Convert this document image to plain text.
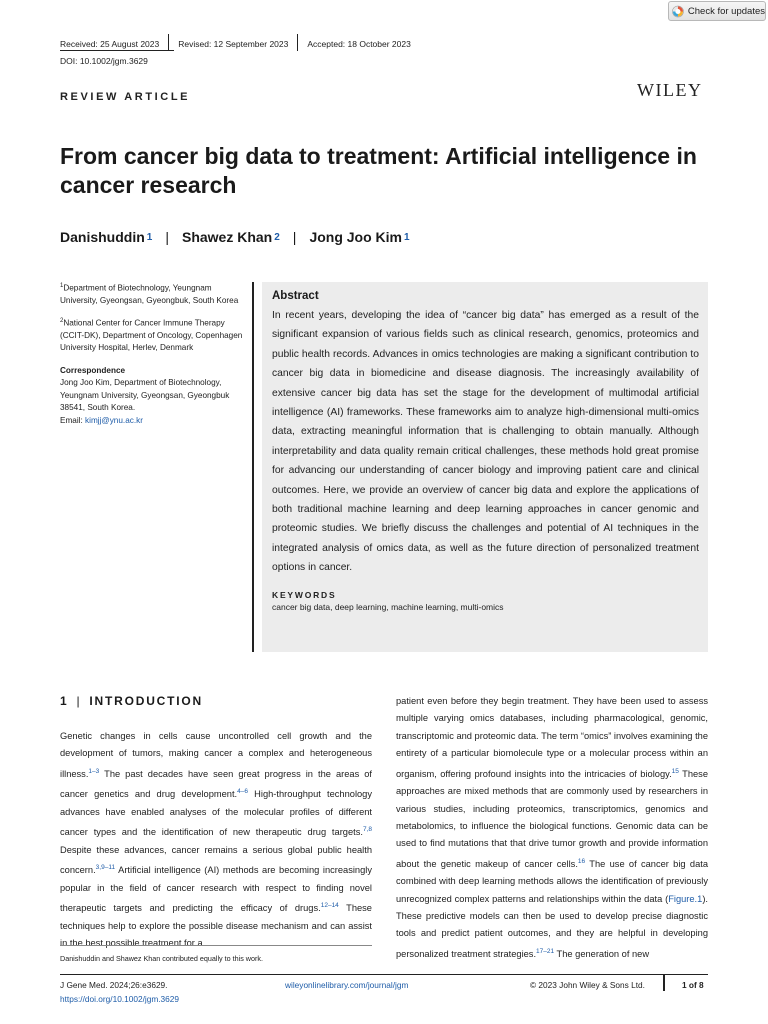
Check for updates
Received: 25 August 2023	Revised: 12 September 2023	Accepted: 18 October 2023
DOI: 10.1002/jgm.3629
REVIEW ARTICLE	WILEY
From cancer big data to treatment: Artificial intelligence in cancer research
Danishuddin$^1$ | Shawez Khan$^2$ | Jong Joo Kim$^1$

$^1$Department of Biotechnology, Yeungnam University, Gyeongsan, Gyeongbuk, South Korea

$^2$National Center for Cancer Immune Therapy (CCIT-DK), Department of Oncology, Copenhagen University Hospital, Herlev, Denmark

Correspondence

Jong Joo Kim, Department of Biotechnology, Yeungnam University, Gyeongsan, Gyeongbuk 38541, South Korea.
Email: kimjj@ynu.ac.kr

Abstract

In recent years, developing the idea of “cancer big data” has emerged as a result of the significant expansion of various fields such as clinical research, genomics, proteomics and public health records. Advances in omics technologies are making a significant contribution to cancer big data in biomedicine and disease diagnosis. The increasingly availability of extensive cancer big data has set the stage for the development of multimodal artificial intelligence (AI) frameworks. These frameworks aim to analyze high-dimensional multi-omics data, extracting meaningful information that is challenging to obtain manually. Although interpretability and data quality remain critical challenges, these methods hold great promise for advancing our understanding of cancer biology and improving patient care and clinical outcomes. Here, we provide an overview of cancer big data and explore the applications of both traditional machine learning and deep learning approaches in cancer genomic and proteomic studies. We briefly discuss the challenges and potential of AI techniques in the integrated analysis of omics data, as well as the future direction of personalized treatment options in cancer.

KEYWORDS

cancer big data, deep learning, machine learning, multi-omics

1 | INTRODUCTION

Genetic changes in cells cause uncontrolled cell growth and the development of tumors, making cancer a complex and heterogeneous illness.$^{1-3}$ The past decades have seen great progress in the areas of cancer genetics and drug development.$^{4-6}$ High-throughput technology advances have enabled analyses of the molecular profiles of different cancer types and the identification of new therapeutic drug targets.$^{7,8}$ Despite these advances, cancer remains a serious global public health concern.$^{3,9-11}$ Artificial intelligence (AI) methods are becoming increasingly popular in the field of cancer research with respect to finding novel therapeutic targets and predicting the efficacy of drugs.$^{12-14}$ These techniques help to explore the possible disease mechanism and can assist in the best possible treatment for a

patient even before they begin treatment. They have been used to assess multiple varying omics databases, including pharmacological, genomic, transcriptomic and proteomic data. The term “omics” involves examining the entirety of a particular biomolecule type or a molecular process within an organism, offering profound insights into the intricacies of biology.$^{15}$ These approaches are mixed methods that are commonly used by researchers in various studies, including proteomics, transcriptomics, genomics and metabolomics, to influence the biological functions. Genomic data can be used to find mutations that that drive tumor growth and provide information about the genetic makeup of cancer cells.$^{16}$ The use of cancer big data combined with deep learning methods allows the identification of previously unrecognized complex patterns and relationships within the data (Figure.1). These predictive models can then be used to develop precise diagnostic tools and predict patient outcomes, and they are helpful in developing personalized treatment strategies.$^{17-21}$ The generation of new

Danishuddin and Shawez Khan contributed equally to this work.
J Gene Med. 2024;26:e3629.
https://doi.org/10.1002/jgm.3629
wileyonlinelibrary.com/journal/jgm	© 2023 John Wiley & Sons Ltd.	1 of 8
